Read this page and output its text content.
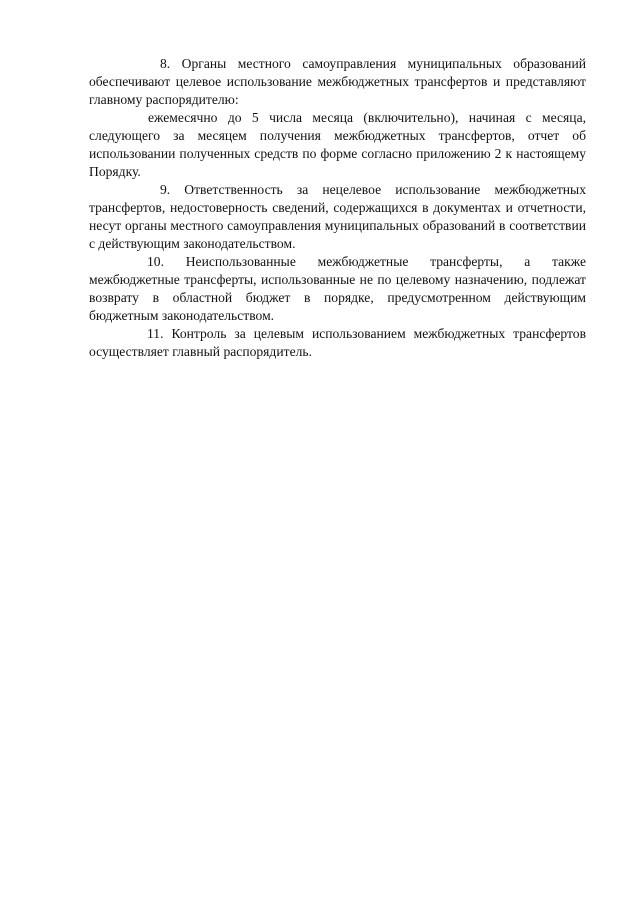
8. Органы местного самоуправления муниципальных образований обеспечивают целевое использование межбюджетных трансфертов и представляют главному распорядителю:

ежемесячно до 5 числа месяца (включительно), начиная с месяца, следующего за месяцем получения межбюджетных трансфертов, отчет об использовании полученных средств по форме согласно приложению 2 к настоящему Порядку.

9. Ответственность за нецелевое использование межбюджетных трансфертов, недостоверность сведений, содержащихся в документах и отчетности, несут органы местного самоуправления муниципальных образований в соответствии с действующим законодательством.

10. Неиспользованные межбюджетные трансферты, а также межбюджетные трансферты, использованные не по целевому назначению, подлежат возврату в областной бюджет в порядке, предусмотренном действующим бюджетным законодательством.

11. Контроль за целевым использованием межбюджетных трансфертов осуществляет главный распорядитель.
